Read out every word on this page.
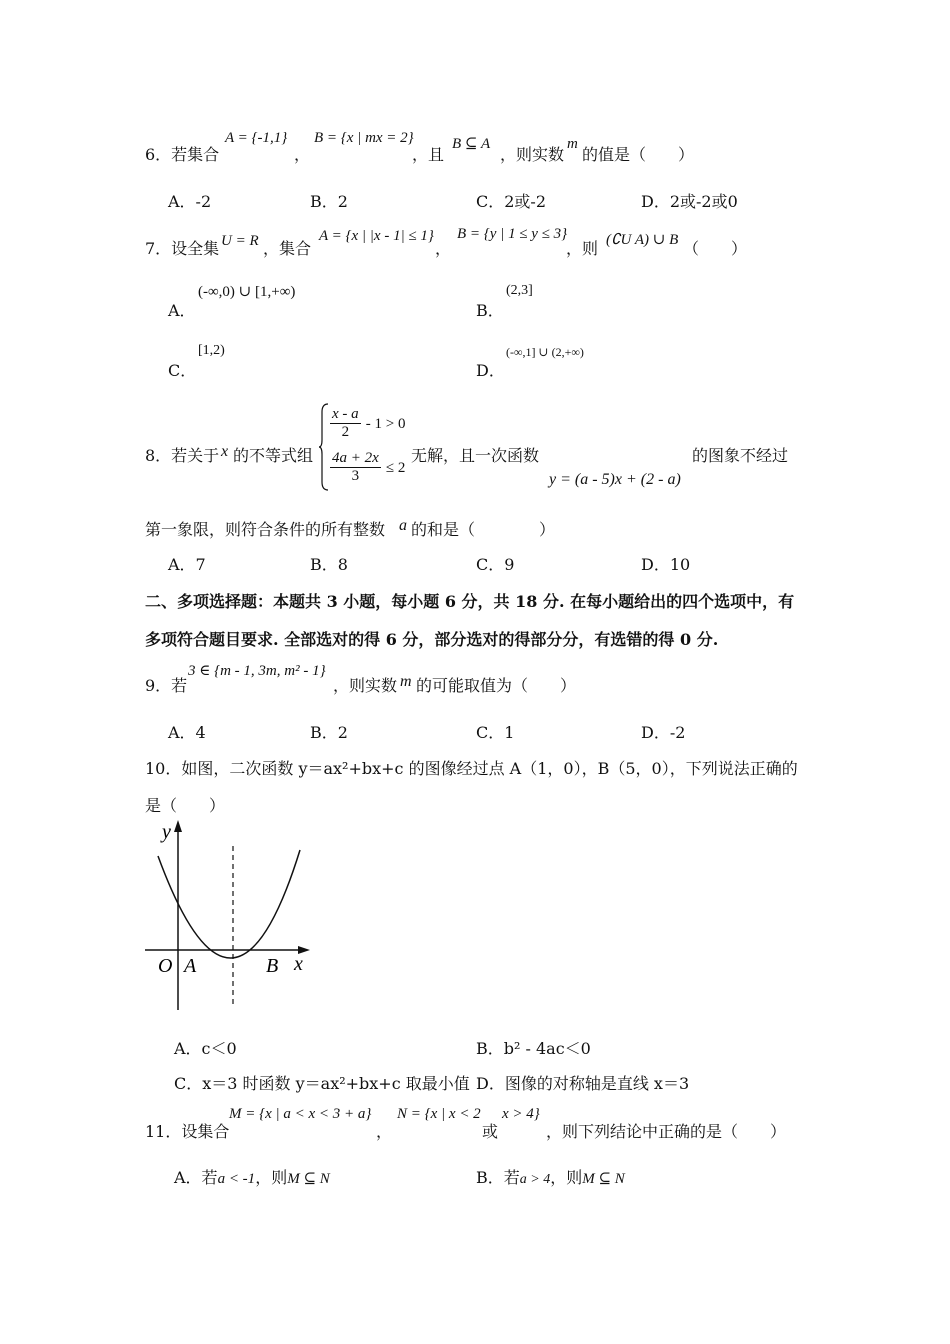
6．若集合
A = {-1,1}
，
B = {x | mx = 2}
，且
B ⊆ A
，则实数
m
的值是（　　）
A．-2	B．2	C．2或-2	D．2或-2或0
7．设全集 U = R ，集合
A = {x | |x - 1| ≤ 1}
，
B = {y | 1 ≤ y ≤ 3}
，则 (∁U A) ∪ B （　　）
A．
(-∞,0) ∪ [1,+∞)
B．
(2,3]
C．
[1,2)
D．
(-∞,1] ∪ (2,+∞)
8．若关于 x 的不等式组
$\frac{x - a}{2} - 1 > 0$
$\frac{4a + 2x}{3} \le 2$
无解，且一次函数
y = (a - 5)x + (2 - a)
的图象不经过
第一象限，则符合条件的所有整数 a 的和是（　　　　）
A．7	B．8	C．9	D．10
二、多项选择题：本题共 3 小题，每小题 6 分，共 18 分. 在每小题给出的四个选项中，有
多项符合题目要求. 全部选对的得 6 分，部分选对的得部分分，有选错的得 0 分.
9．若
3 ∈ {m - 1, 3m, m² - 1}
，则实数 m 的可能取值为（　　）
A．4	B．2	C．1	D．-2
10．如图，二次函数 y＝ax²+bx+c 的图像经过点 A（1，0），B（5，0），下列说法正确的
是（　　）
y
x
O A	B
A．c＜0	B．b² - 4ac＜0
C．x＝3 时函数 y＝ax²+bx+c 取最小值 D．图像的对称轴是直线 x＝3
11．设集合
M = {x | a < x < 3 + a}
，
N = {x | x < 2
或
x > 4}
，则下列结论中正确的是（　　）
A．若a < -1，则M ⊆ N	B．若a > 4，则M ⊆ N
